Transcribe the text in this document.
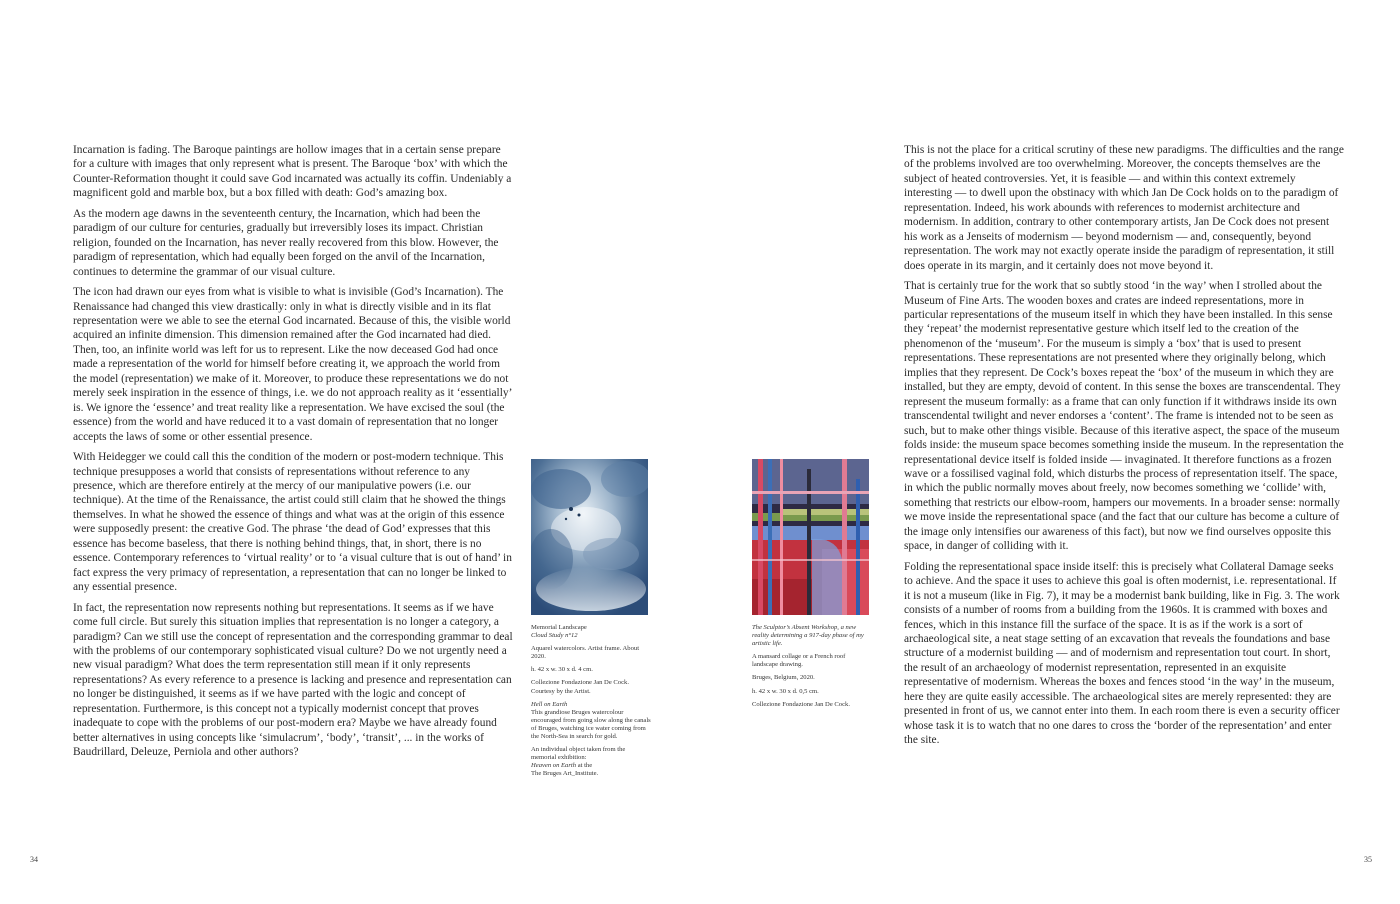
Incarnation is fading. The Baroque paintings are hollow images that in a certain sense prepare for a culture with images that only represent what is present. The Baroque ‘box’ with which the Counter-Reformation thought it could save God incarnated was actually its coffin. Undeniably a magnificent gold and marble box, but a box filled with death: God’s amazing box.

As the modern age dawns in the seventeenth century, the Incarnation, which had been the paradigm of our culture for centuries, gradually but irreversibly loses its impact. Christian religion, founded on the Incarnation, has never really recovered from this blow. However, the paradigm of representation, which had equally been forged on the anvil of the Incarnation, continues to determine the grammar of our visual culture.

The icon had drawn our eyes from what is visible to what is invisible (God’s Incarnation). The Renaissance had changed this view drastically: only in what is directly visible and in its flat representation were we able to see the eternal God incarnated. Because of this, the visible world acquired an infinite dimension. This dimension remained after the God incarnated had died. Then, too, an infinite world was left for us to represent. Like the now deceased God had once made a representation of the world for himself before creating it, we approach the world from the model (representation) we make of it. Moreover, to produce these representations we do not merely seek inspiration in the essence of things, i.e. we do not approach reality as it ‘essentially’ is. We ignore the ‘essence’ and treat reality like a representation. We have excised the soul (the essence) from the world and have reduced it to a vast domain of representation that no longer accepts the laws of some or other essential presence.

With Heidegger we could call this the condition of the modern or post-modern technique. This technique presupposes a world that consists of representations without reference to any presence, which are therefore entirely at the mercy of our manipulative powers (i.e. our technique). At the time of the Renaissance, the artist could still claim that he showed the things themselves. In what he showed the essence of things and what was at the origin of this essence were supposedly present: the creative God. The phrase ‘the dead of God’ expresses that this essence has become baseless, that there is nothing behind things, that, in short, there is no essence. Contemporary references to ‘virtual reality’ or to ‘a visual culture that is out of hand’ in fact express the very primacy of representation, a representation that can no longer be linked to any essential presence.

In fact, the representation now represents nothing but representations. It seems as if we have come full circle. But surely this situation implies that representation is no longer a category, a paradigm? Can we still use the concept of representation and the corresponding grammar to deal with the problems of our contemporary sophisticated visual culture? Do we not urgently need a new visual paradigm? What does the term representation still mean if it only represents representations? As every reference to a presence is lacking and presence and representation can no longer be distinguished, it seems as if we have parted with the logic and concept of representation. Furthermore, is this concept not a typically modernist concept that proves inadequate to cope with the problems of our post-modern era? Maybe we have already found better alternatives in using concepts like ‘simulacrum’, ‘body’, ‘transit’, ... in the works of Baudrillard, Deleuze, Perniola and other authors?

Memorial Landscape
Cloud Study n°12
Aquarel watercolors. Artist frame. About 2020.
h. 42 x w. 30 x d. 4 cm.
Collezione Fondazione Jan De Cock. Courtesy by the Artist.
Hell on Earth
This grandiose Bruges watercolour encouraged from going slow along the canals of Bruges, watching ice water coming from the North-Sea in search for gold.
An individual object taken from the memorial exhibition:
Heaven on Earth at the
The Bruges Art_Institute.
The Sculptor’s Absent Workshop, a new reality determining a 917-day phase of my artistic life.
A mansard collage or a French roof landscape drawing.
Bruges, Belgium, 2020.
h. 42 x w. 30 x d. 0,5 cm.
Collezione Fondazione Jan De Cock.

This is not the place for a critical scrutiny of these new paradigms. The difficulties and the range of the problems involved are too overwhelming. Moreover, the concepts themselves are the subject of heated controversies. Yet, it is feasible — and within this context extremely interesting — to dwell upon the obstinacy with which Jan De Cock holds on to the paradigm of representation. Indeed, his work abounds with references to modernist architecture and modernism. In addition, contrary to other contemporary artists, Jan De Cock does not present his work as a Jenseits of modernism — beyond modernism — and, consequently, beyond representation. The work may not exactly operate inside the paradigm of representation, it still does operate in its margin, and it certainly does not move beyond it.

That is certainly true for the work that so subtly stood ‘in the way’ when I strolled about the Museum of Fine Arts. The wooden boxes and crates are indeed representations, more in particular representations of the museum itself in which they have been installed. In this sense they ‘repeat’ the modernist representative gesture which itself led to the creation of the phenomenon of the ‘museum’. For the museum is simply a ‘box’ that is used to present representations. These representations are not presented where they originally belong, which implies that they represent. De Cock’s boxes repeat the ‘box’ of the museum in which they are installed, but they are empty, devoid of content. In this sense the boxes are transcendental. They represent the museum formally: as a frame that can only function if it withdraws inside its own transcendental twilight and never endorses a ‘content’. The frame is intended not to be seen as such, but to make other things visible. Because of this iterative aspect, the space of the museum folds inside: the museum space becomes something inside the museum. In the representation the representational device itself is folded inside — invaginated. It therefore functions as a frozen wave or a fossilised vaginal fold, which disturbs the process of representation itself. The space, in which the public normally moves about freely, now becomes something we ‘collide’ with, something that restricts our elbow-room, hampers our movements. In a broader sense: normally we move inside the representational space (and the fact that our culture has become a culture of the image only intensifies our awareness of this fact), but now we find ourselves opposite this space, in danger of colliding with it.

Folding the representational space inside itself: this is precisely what Collateral Damage seeks to achieve. And the space it uses to achieve this goal is often modernist, i.e. representational. If it is not a museum (like in Fig. 7), it may be a modernist bank building, like in Fig. 3. The work consists of a number of rooms from a building from the 1960s. It is crammed with boxes and fences, which in this instance fill the surface of the space. It is as if the work is a sort of archaeological site, a neat stage setting of an excavation that reveals the foundations and base structure of a modernist building — and of modernism and representation tout court. In short, the result of an archaeology of modernist representation, represented in an exquisite representative of modernism. Whereas the boxes and fences stood ‘in the way’ in the museum, here they are quite easily accessible. The archaeological sites are merely represented: they are presented in front of us, we cannot enter into them. In each room there is even a security officer whose task it is to watch that no one dares to cross the ‘border of the representation’ and enter the site.

34	35
